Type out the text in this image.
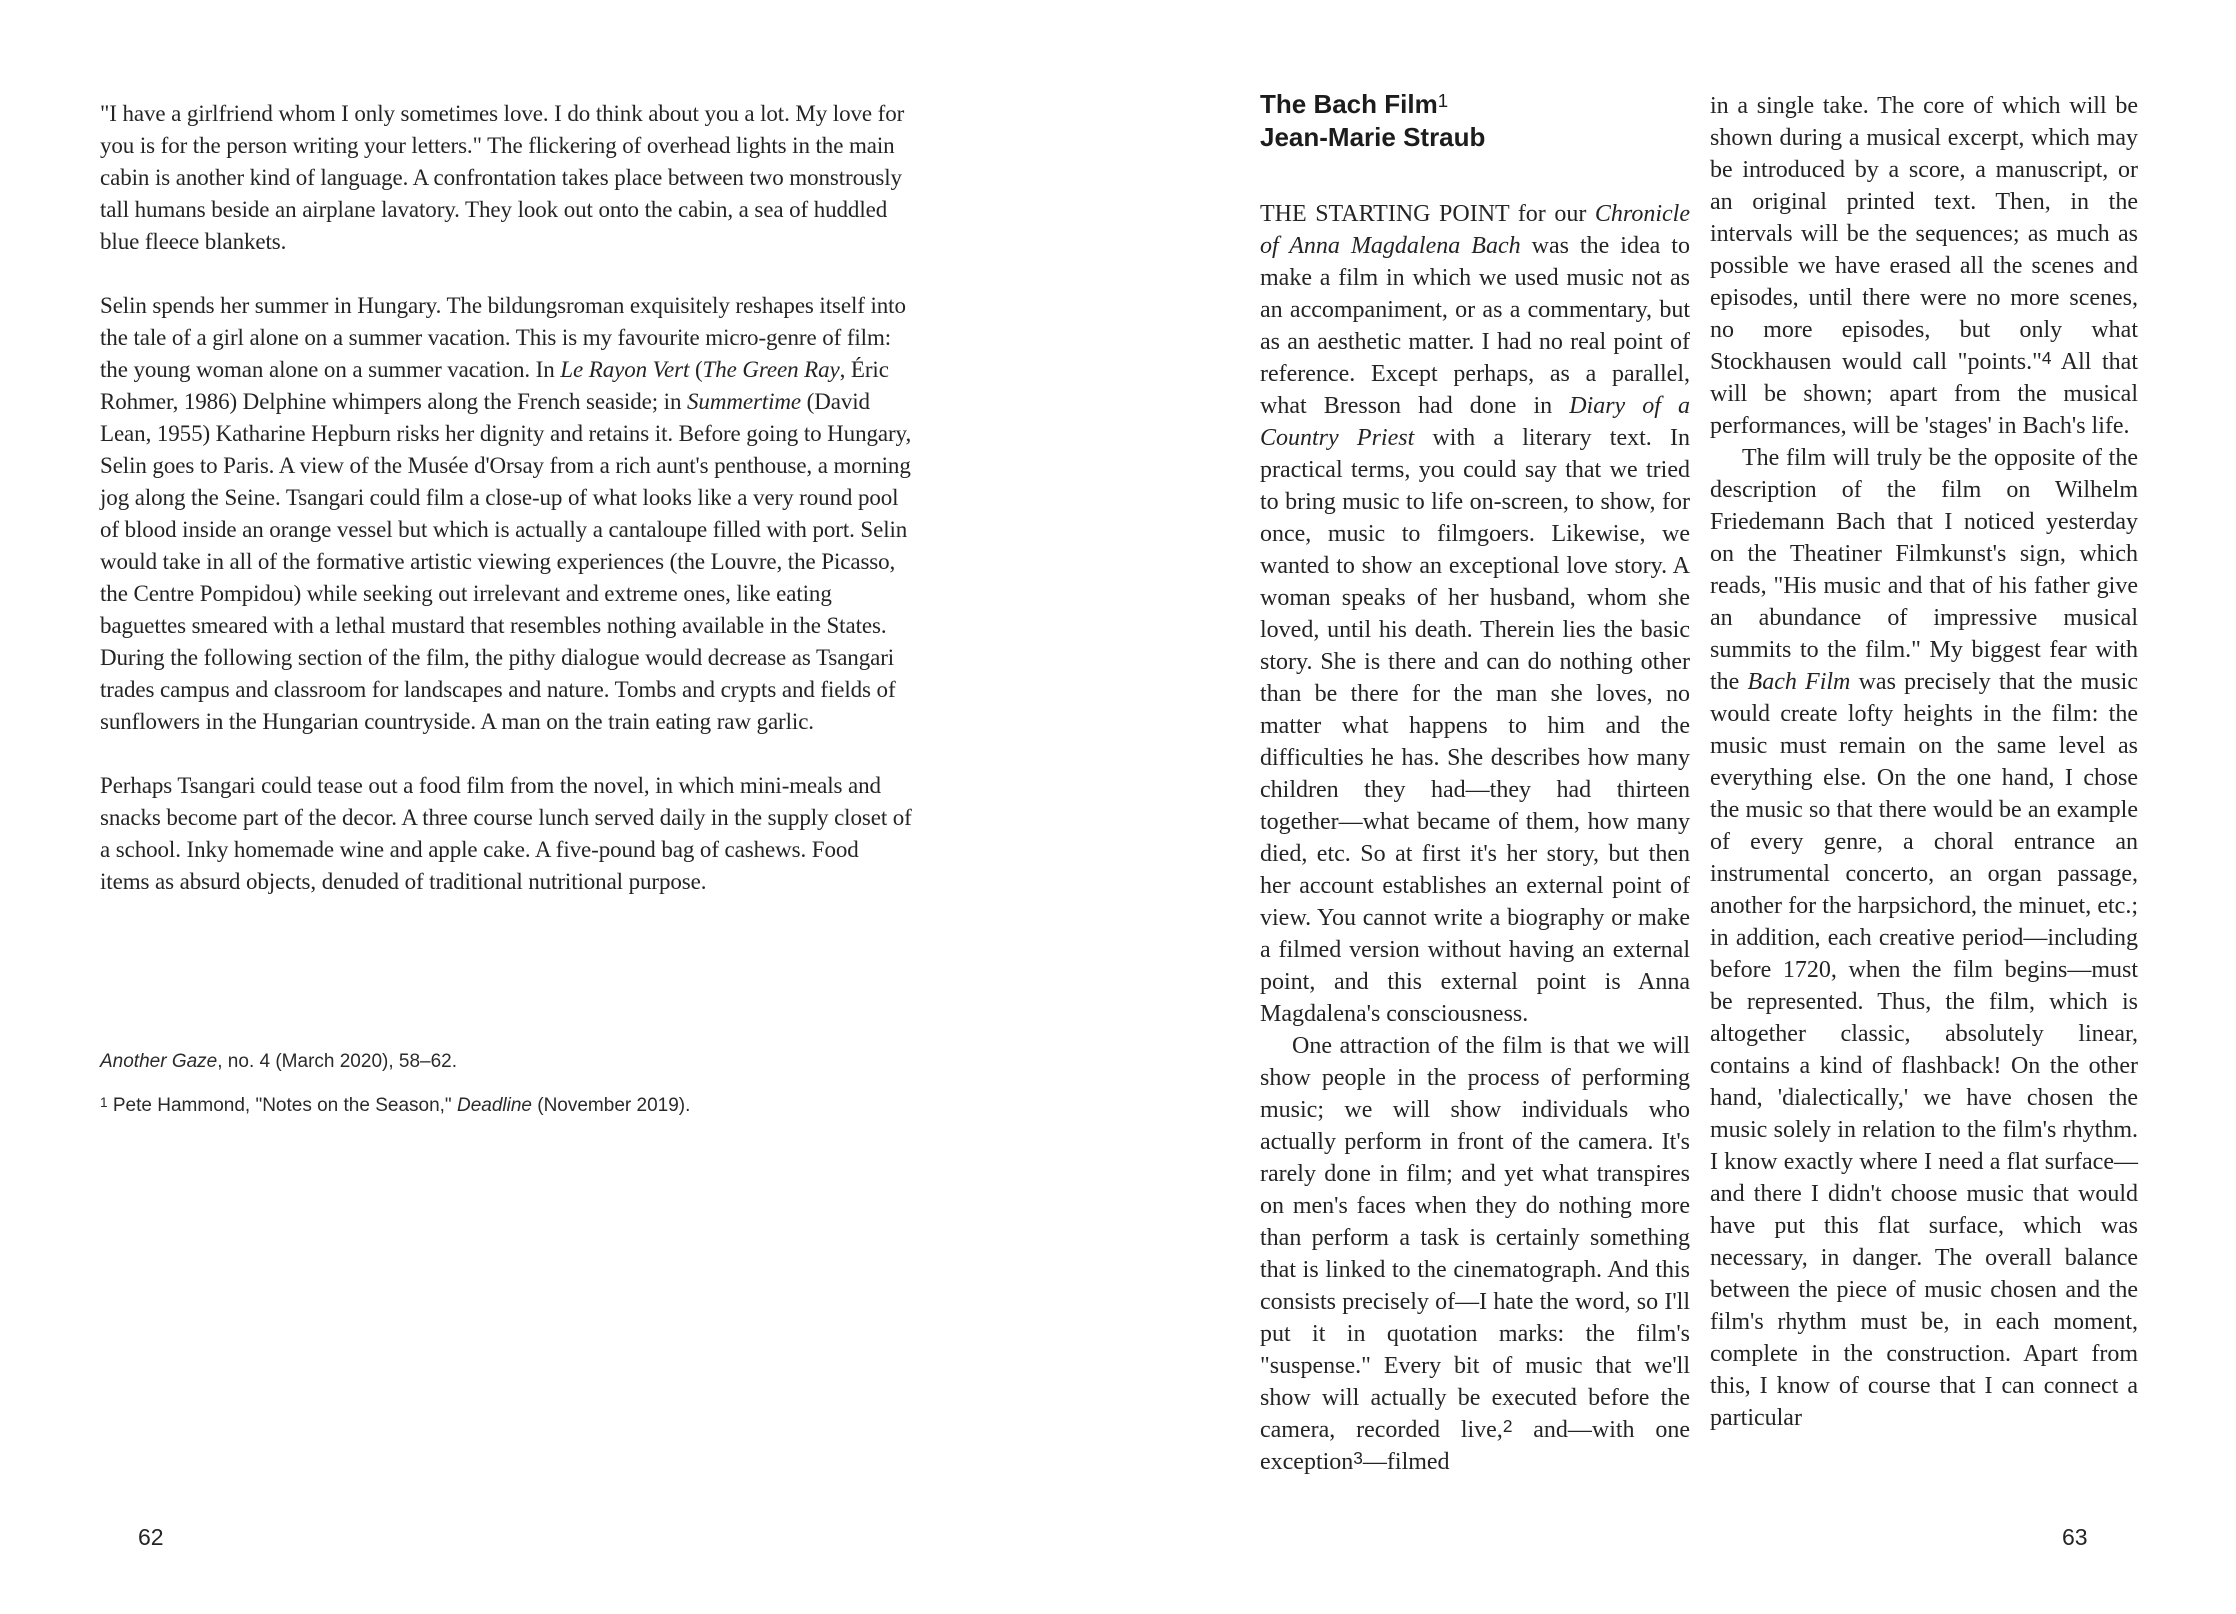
"I have a girlfriend whom I only sometimes love. I do think about you a lot. My love for you is for the person writing your letters." The flickering of overhead lights in the main cabin is another kind of language. A confrontation takes place between two monstrously tall humans beside an airplane lavatory. They look out onto the cabin, a sea of huddled blue fleece blankets.

Selin spends her summer in Hungary. The bildungsroman exquisitely reshapes itself into the tale of a girl alone on a summer vacation. This is my favourite micro-genre of film: the young woman alone on a summer vacation. In Le Rayon Vert (The Green Ray, Éric Rohmer, 1986) Delphine whimpers along the French seaside; in Summertime (David Lean, 1955) Katharine Hepburn risks her dignity and retains it. Before going to Hungary, Selin goes to Paris. A view of the Musée d'Orsay from a rich aunt's penthouse, a morning jog along the Seine. Tsangari could film a close-up of what looks like a very round pool of blood inside an orange vessel but which is actually a cantaloupe filled with port. Selin would take in all of the formative artistic viewing experiences (the Louvre, the Picasso, the Centre Pompidou) while seeking out irrelevant and extreme ones, like eating baguettes smeared with a lethal mustard that resembles nothing available in the States. During the following section of the film, the pithy dialogue would decrease as Tsangari trades campus and classroom for landscapes and nature. Tombs and crypts and fields of sunflowers in the Hungarian countryside. A man on the train eating raw garlic.

Perhaps Tsangari could tease out a food film from the novel, in which mini-meals and snacks become part of the decor. A three course lunch served daily in the supply closet of a school. Inky homemade wine and apple cake. A five-pound bag of cashews. Food items as absurd objects, denuded of traditional nutritional purpose.

Another Gaze, no. 4 (March 2020), 58–62.
$^1$ Pete Hammond, "Notes on the Season," Deadline (November 2019).
62
The Bach Film$^1$
Jean-Marie Straub

THE STARTING POINT for our Chronicle of Anna Magdalena Bach was the idea to make a film in which we used music not as an accompaniment, or as a commentary, but as an aesthetic matter. I had no real point of reference. Except perhaps, as a parallel, what Bresson had done in Diary of a Country Priest with a literary text. In practical terms, you could say that we tried to bring music to life on-screen, to show, for once, music to filmgoers. Likewise, we wanted to show an exceptional love story. A woman speaks of her husband, whom she loved, until his death. Therein lies the basic story. She is there and can do nothing other than be there for the man she loves, no matter what happens to him and the difficulties he has. She describes how many children they had—they had thirteen together—what became of them, how many died, etc. So at first it's her story, but then her account establishes an external point of view. You cannot write a biography or make a filmed version without having an external point, and this external point is Anna Magdalena's consciousness.

One attraction of the film is that we will show people in the process of performing music; we will show individuals who actually perform in front of the camera. It's rarely done in film; and yet what transpires on men's faces when they do nothing more than perform a task is certainly something that is linked to the cinematograph. And this consists precisely of—I hate the word, so I'll put it in quotation marks: the film's "suspense." Every bit of music that we'll show will actually be executed before the camera, recorded live,$^2$ and—with one exception$^3$—filmed

in a single take. The core of which will be shown during a musical excerpt, which may be introduced by a score, a manuscript, or an original printed text. Then, in the intervals will be the sequences; as much as possible we have erased all the scenes and episodes, until there were no more scenes, no more episodes, but only what Stockhausen would call "points."$^4$ All that will be shown; apart from the musical performances, will be 'stages' in Bach's life.

The film will truly be the opposite of the description of the film on Wilhelm Friedemann Bach that I noticed yesterday on the Theatiner Filmkunst's sign, which reads, "His music and that of his father give an abundance of impressive musical summits to the film." My biggest fear with the Bach Film was precisely that the music would create lofty heights in the film: the music must remain on the same level as everything else. On the one hand, I chose the music so that there would be an example of every genre, a choral entrance an instrumental concerto, an organ passage, another for the harpsichord, the minuet, etc.; in addition, each creative period—including before 1720, when the film begins—must be represented. Thus, the film, which is altogether classic, absolutely linear, contains a kind of flashback! On the other hand, 'dialectically,' we have chosen the music solely in relation to the film's rhythm. I know exactly where I need a flat surface—and there I didn't choose music that would have put this flat surface, which was necessary, in danger. The overall balance between the piece of music chosen and the film's rhythm must be, in each moment, complete in the construction. Apart from this, I know of course that I can connect a particular

63
